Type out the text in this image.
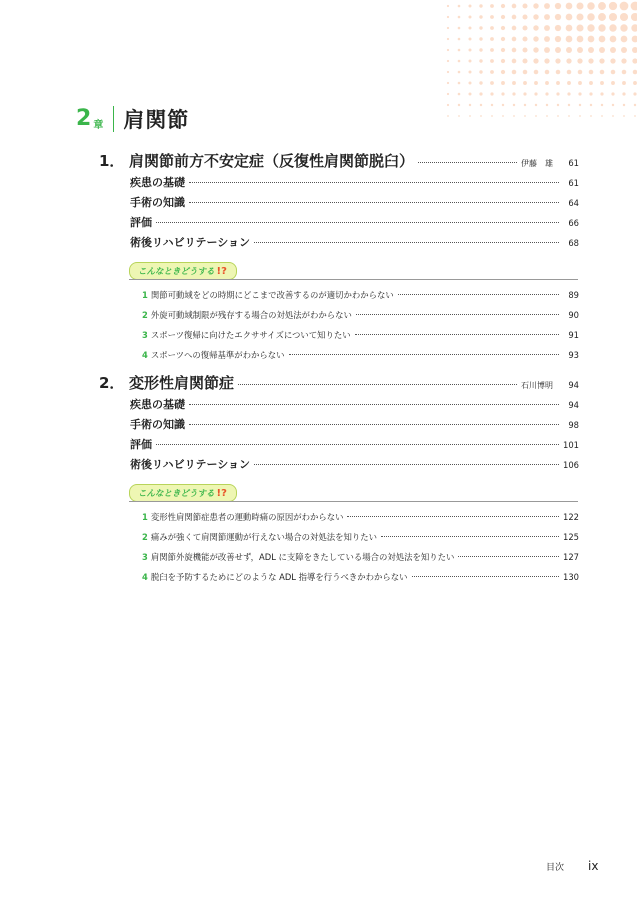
2 章 肩関節
1． 肩関節前方不安定症（反復性肩関節脱臼）	伊藤　雄	61
疾患の基礎	61
手術の知識	64
評価	66
術後リハビリテーション	68
こんなときどうする !?
1 関節可動域をどの時期にどこまで改善するのが適切かわからない	89
2 外旋可動域制限が残存する場合の対処法がわからない	90
3 スポーツ復帰に向けたエクササイズについて知りたい	91
4 スポーツへの復帰基準がわからない	93
2． 変形性肩関節症	石川博明	94
疾患の基礎	94
手術の知識	98
評価	101
術後リハビリテーション	106
こんなときどうする !?
1 変形性肩関節症患者の運動時痛の原因がわからない	122
2 痛みが強くて肩関節運動が行えない場合の対処法を知りたい	125
3 肩関節外旋機能が改善せず，ADL に支障をきたしている場合の対処法を知りたい	127
4 脱臼を予防するためにどのような ADL 指導を行うべきかわからない	130
目次 ix
